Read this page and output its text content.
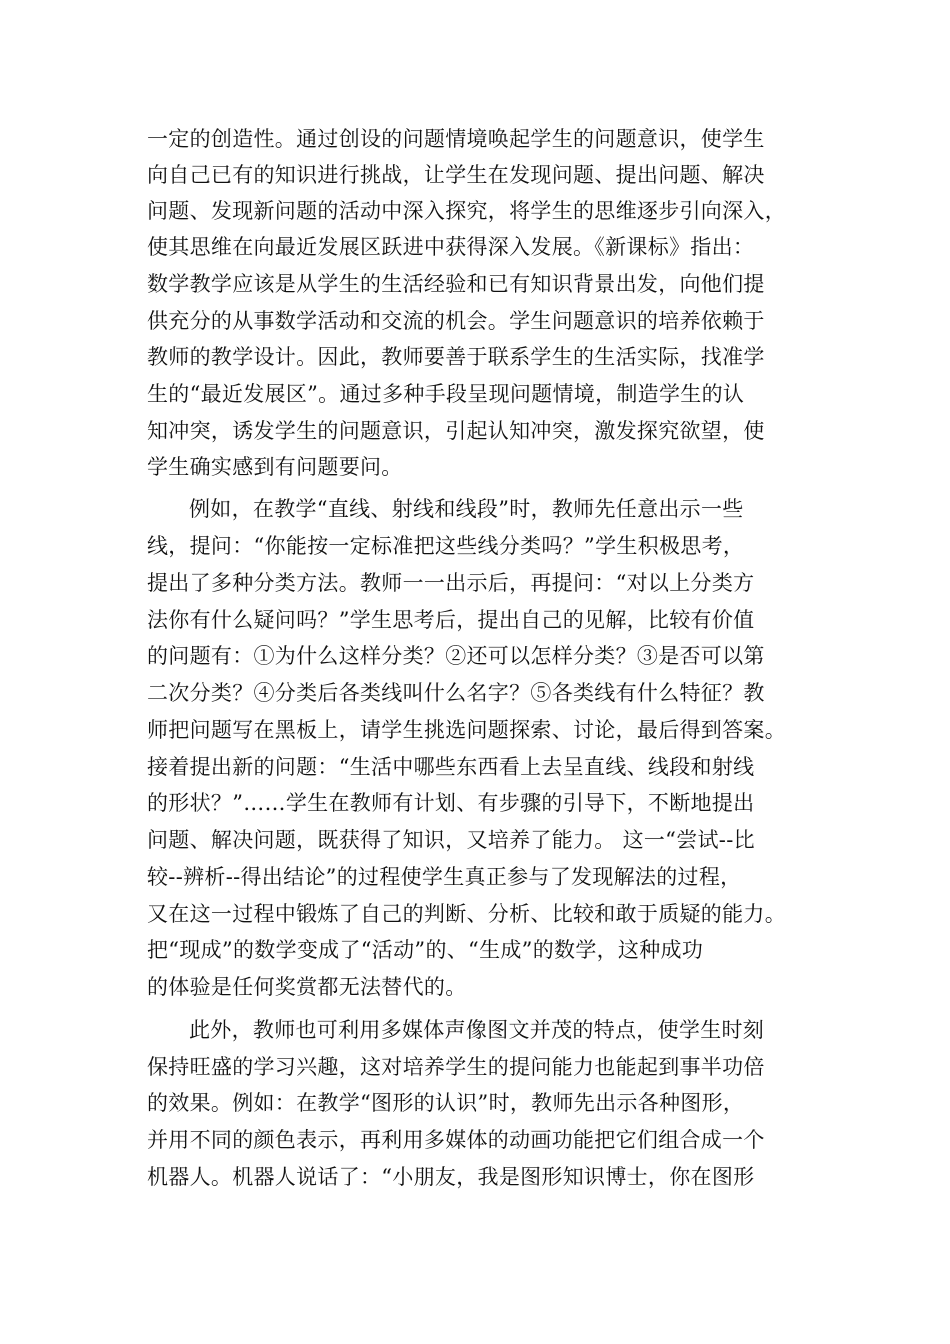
一定的创造性。通过创设的问题情境唤起学生的问题意识，使学生
向自己已有的知识进行挑战，让学生在发现问题、提出问题、解决
问题、发现新问题的活动中深入探究，将学生的思维逐步引向深入，
使其思维在向最近发展区跃进中获得深入发展。《新课标》指出：
数学教学应该是从学生的生活经验和已有知识背景出发，向他们提
供充分的从事数学活动和交流的机会。学生问题意识的培养依赖于
教师的教学设计。因此，教师要善于联系学生的生活实际，找准学
生的“最近发展区”。通过多种手段呈现问题情境，制造学生的认
知冲突，诱发学生的问题意识，引起认知冲突，激发探究欲望，使
学生确实感到有问题要问。
例如，在教学“直线、射线和线段”时，教师先任意出示一些
线，提问：“你能按一定标准把这些线分类吗？”学生积极思考，
提出了多种分类方法。教师一一出示后，再提问：“对以上分类方
法你有什么疑问吗？”学生思考后，提出自己的见解，比较有价值
的问题有：①为什么这样分类？②还可以怎样分类？③是否可以第
二次分类？④分类后各类线叫什么名字？⑤各类线有什么特征？教
师把问题写在黑板上，请学生挑选问题探索、讨论，最后得到答案。
接着提出新的问题：“生活中哪些东西看上去呈直线、线段和射线
的形状？”……学生在教师有计划、有步骤的引导下，不断地提出
问题、解决问题，既获得了知识，又培养了能力。 这一“尝试--比
较--辨析--得出结论”的过程使学生真正参与了发现解法的过程，
又在这一过程中锻炼了自己的判断、分析、比较和敢于质疑的能力。
把“现成”的数学变成了“活动”的、“生成”的数学，这种成功
的体验是任何奖赏都无法替代的。
此外，教师也可利用多媒体声像图文并茂的特点，使学生时刻
保持旺盛的学习兴趣，这对培养学生的提问能力也能起到事半功倍
的效果。例如：在教学“图形的认识”时，教师先出示各种图形，
并用不同的颜色表示，再利用多媒体的动画功能把它们组合成一个
机器人。机器人说话了：“小朋友，我是图形知识博士，你在图形
